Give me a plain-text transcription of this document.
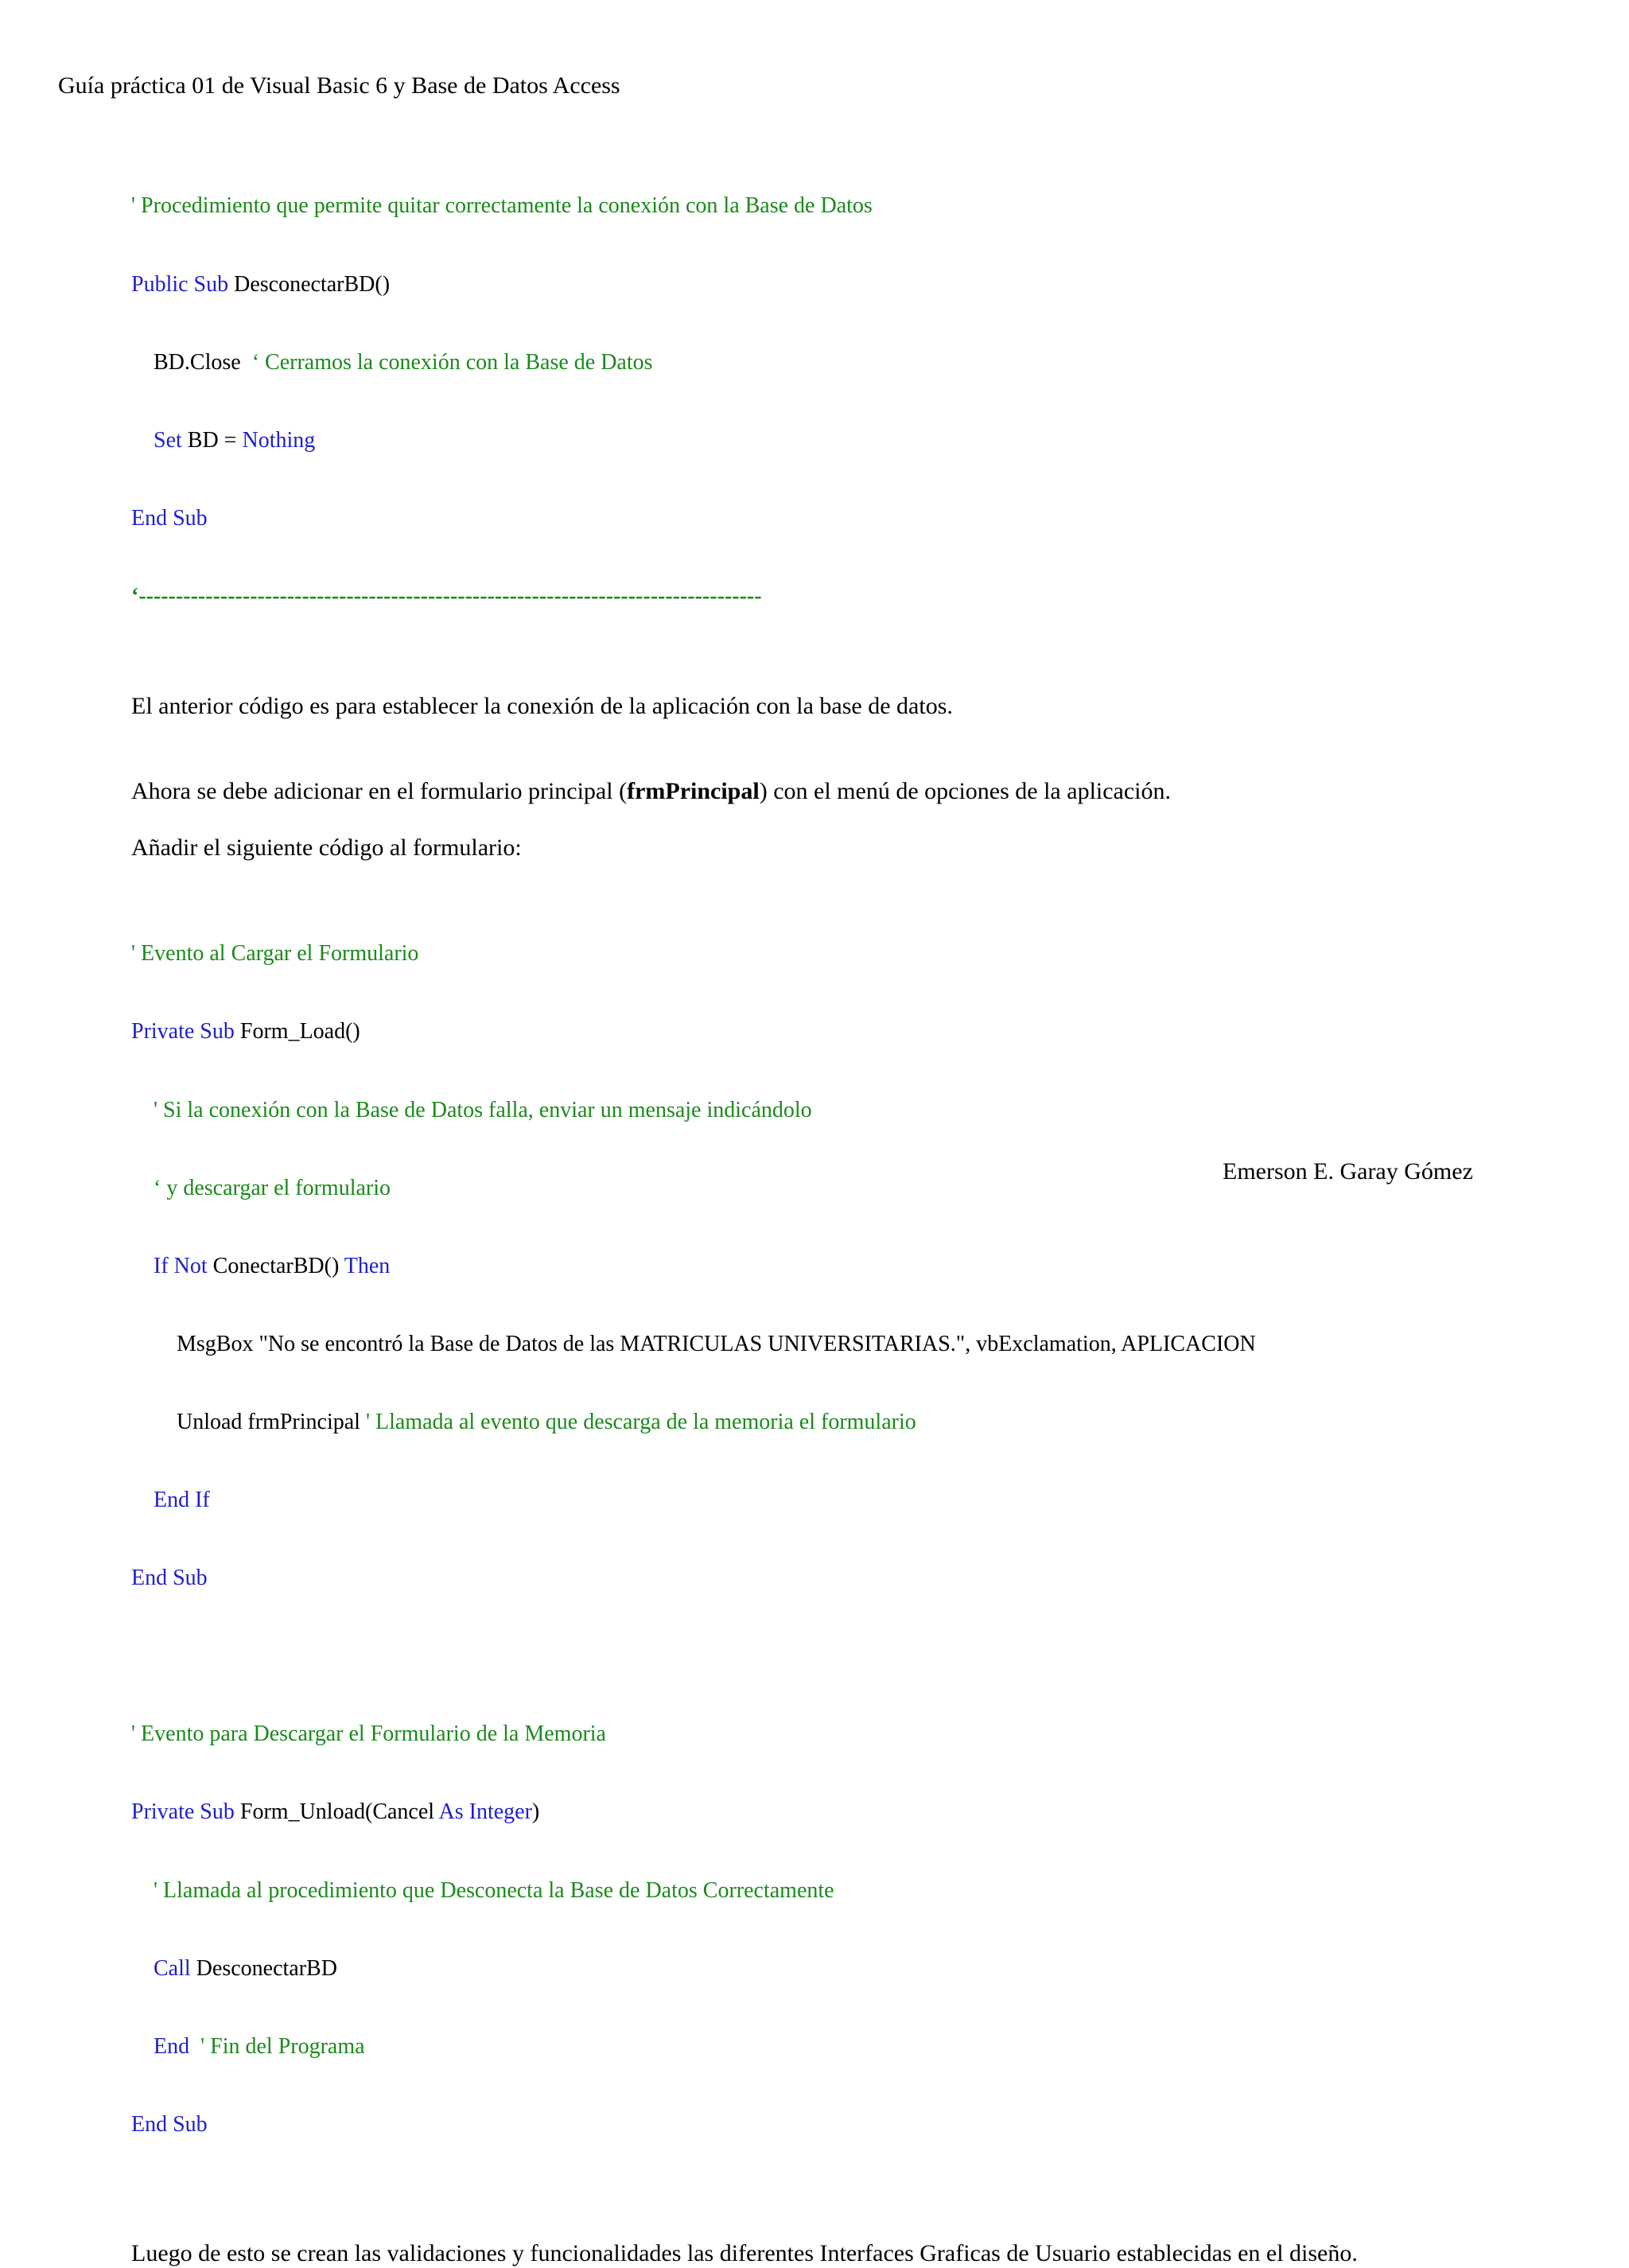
Guía práctica 01 de Visual Basic 6 y Base de Datos Access

' Procedimiento que permite quitar correctamente la conexión con la Base de Datos

Public Sub DesconectarBD()

BD.Close  ‘ Cerramos la conexión con la Base de Datos

Set BD = Nothing

End Sub

‘------------------------------------------------------------------------------------

El anterior código es para establecer la conexión de la aplicación con la base de datos.
Ahora se debe adicionar en el formulario principal (frmPrincipal) con el menú de opciones de la aplicación.
Añadir el siguiente código al formulario:

' Evento al Cargar el Formulario

Private Sub Form_Load()

' Si la conexión con la Base de Datos falla, enviar un mensaje indicándolo

‘ y descargar el formulario

If Not ConectarBD() Then

MsgBox "No se encontró la Base de Datos de las MATRICULAS UNIVERSITARIAS.", vbExclamation, APLICACION

Unload frmPrincipal ' Llamada al evento que descarga de la memoria el formulario

End If

End Sub

' Evento para Descargar el Formulario de la Memoria

Private Sub Form_Unload(Cancel As Integer)

' Llamada al procedimiento que Desconecta la Base de Datos Correctamente

Call DesconectarBD

End  ' Fin del Programa

End Sub

Luego de esto se crean las validaciones y funcionalidades las diferentes Interfaces Graficas de Usuario establecidas en el diseño.
Emerson E. Garay Gómez
